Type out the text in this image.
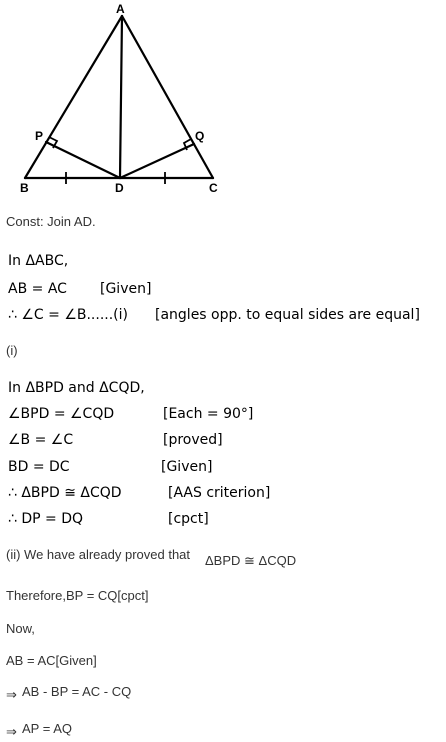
A
P	Q
B	D	C
Const: Join AD.
In ΔABC,
AB = AC [Given]
∴ ∠C = ∠B......(i) [angles opp. to equal sides are equal]
(i)
In ΔBPD and ΔCQD,
∠BPD = ∠CQD	[Each = 90°]
∠B = ∠C	[proved]
BD = DC	[Given]
∴ ΔBPD ≅ ΔCQD	[AAS criterion]
∴ DP = DQ	[cpct]
(ii) We have already proved that ΔBPD ≅ ΔCQD
Therefore,BP = CQ[cpct]
Now,
AB = AC[Given]
⇒ AB - BP = AC - CQ
⇒ AP = AQ
